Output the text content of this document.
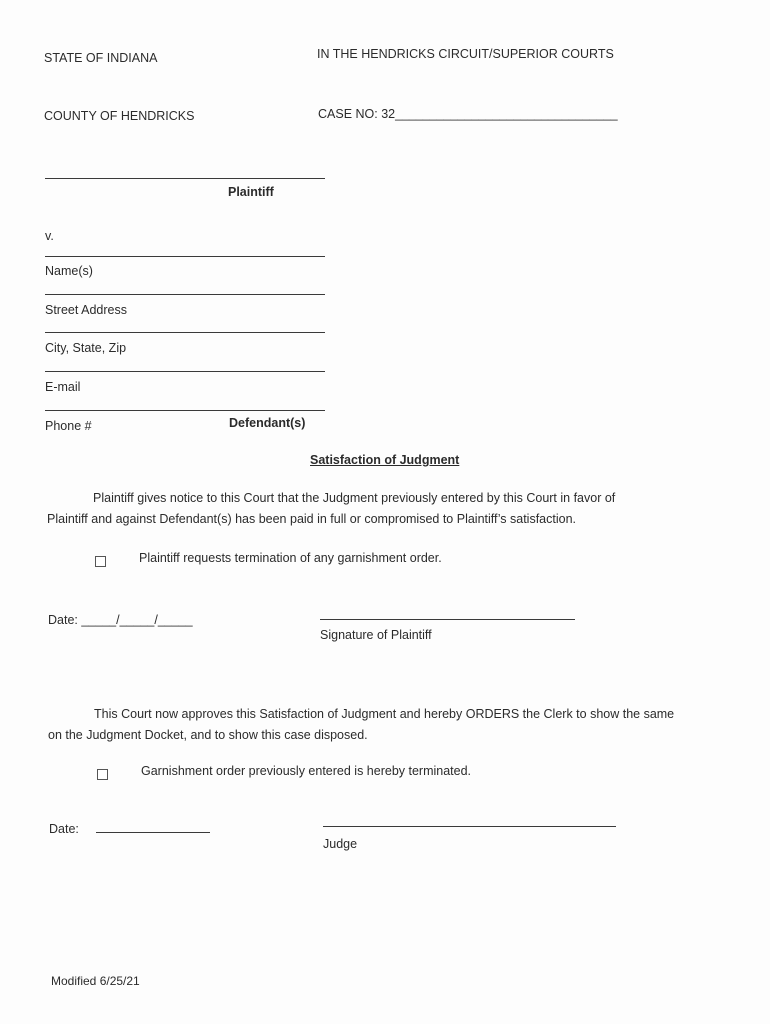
STATE OF INDIANA	IN THE HENDRICKS CIRCUIT/SUPERIOR COURTS
COUNTY OF HENDRICKS	CASE NO: 32________________________________
Plaintiff
v.
Name(s)
Street Address
City, State, Zip
E-mail
Phone #	Defendant(s)
Satisfaction of Judgment
Plaintiff gives notice to this Court that the Judgment previously entered by this Court in favor of
Plaintiff and against Defendant(s) has been paid in full or compromised to Plaintiff’s satisfaction.
Plaintiff requests termination of any garnishment order.
Date: _____/_____/_____
Signature of Plaintiff
This Court now approves this Satisfaction of Judgment and hereby ORDERS the Clerk to show the same
on the Judgment Docket, and to show this case disposed.
Garnishment order previously entered is hereby terminated.
Date:
Judge
Modified 6/25/21
